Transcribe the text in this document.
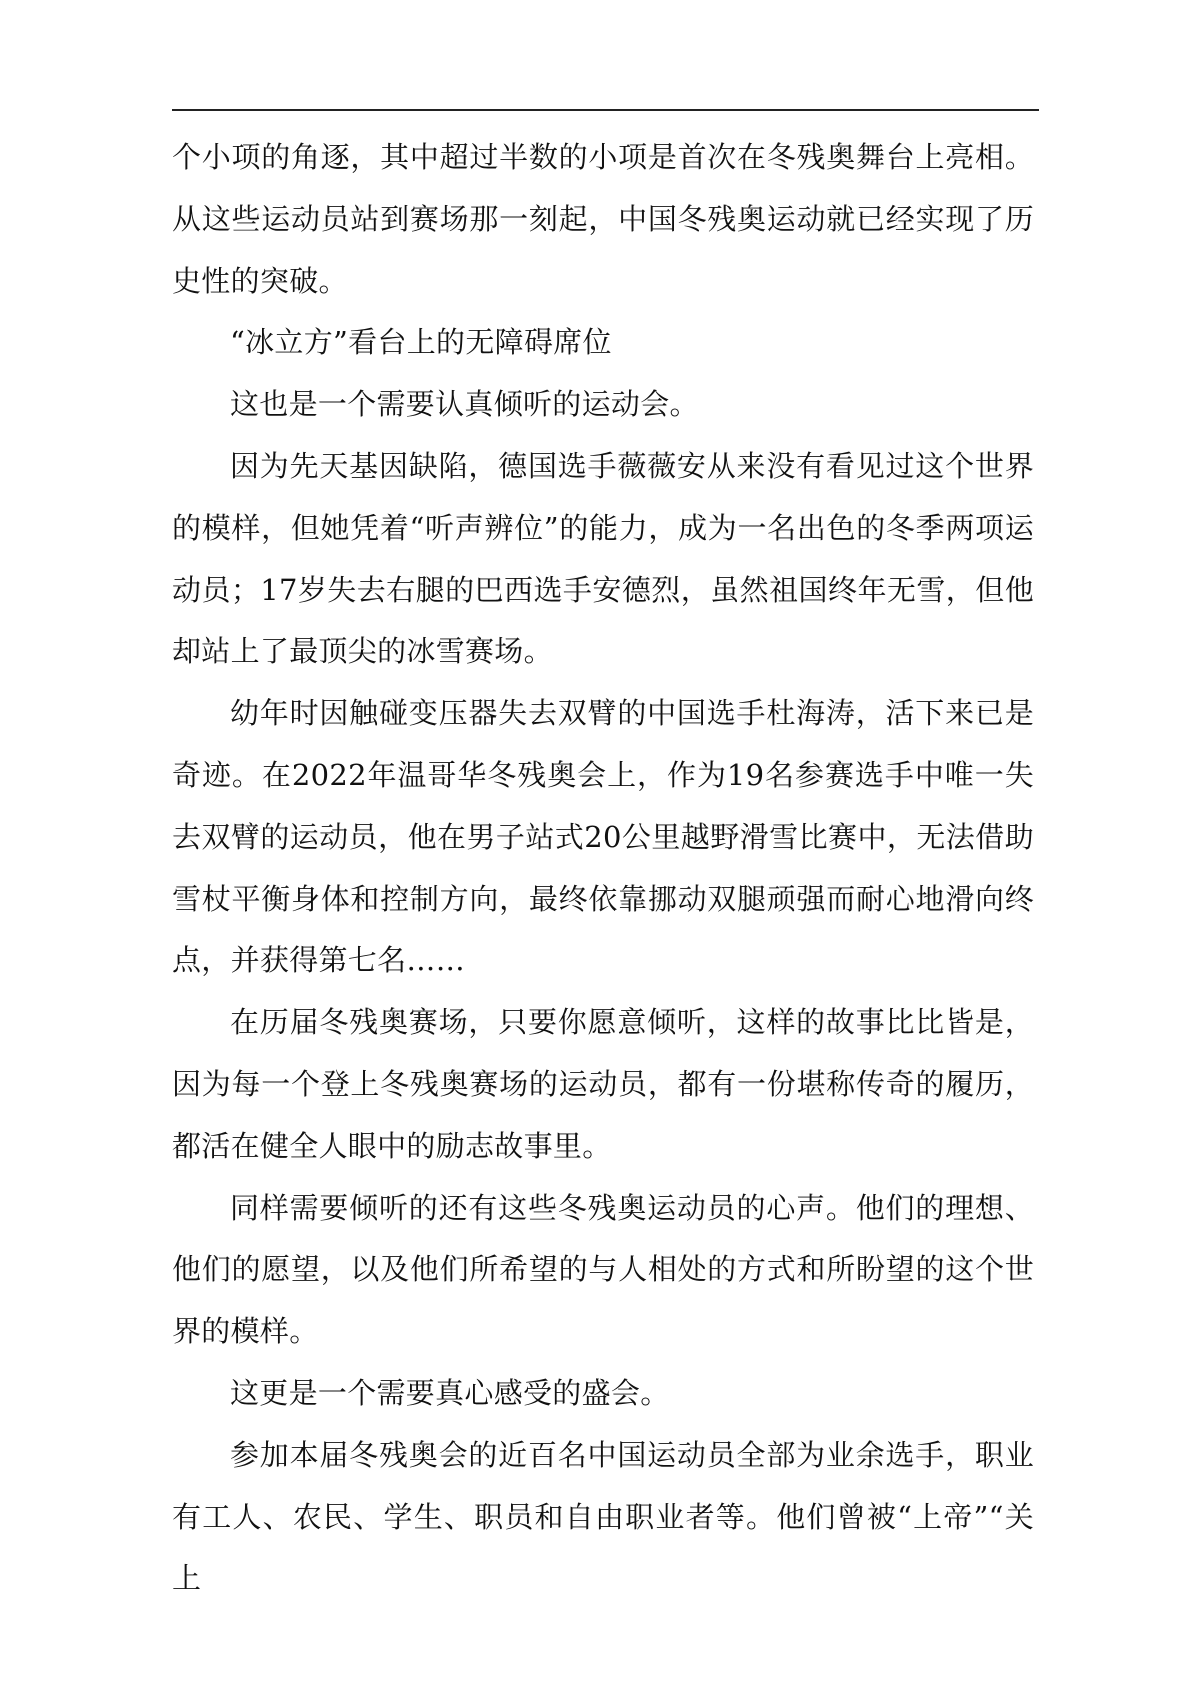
个小项的角逐，其中超过半数的小项是首次在冬残奥舞台上亮相。从这些运动员站到赛场那一刻起，中国冬残奥运动就已经实现了历史性的突破。

“冰立方”看台上的无障碍席位

这也是一个需要认真倾听的运动会。

因为先天基因缺陷，德国选手薇薇安从来没有看见过这个世界的模样，但她凭着“听声辨位”的能力，成为一名出色的冬季两项运动员；17岁失去右腿的巴西选手安德烈，虽然祖国终年无雪，但他却站上了最顶尖的冰雪赛场。

幼年时因触碰变压器失去双臂的中国选手杜海涛，活下来已是奇迹。在2022年温哥华冬残奥会上，作为19名参赛选手中唯一失去双臂的运动员，他在男子站式20公里越野滑雪比赛中，无法借助雪杖平衡身体和控制方向，最终依靠挪动双腿顽强而耐心地滑向终点，并获得第七名……

在历届冬残奥赛场，只要你愿意倾听，这样的故事比比皆是，因为每一个登上冬残奥赛场的运动员，都有一份堪称传奇的履历，都活在健全人眼中的励志故事里。

同样需要倾听的还有这些冬残奥运动员的心声。他们的理想、他们的愿望，以及他们所希望的与人相处的方式和所盼望的这个世界的模样。

这更是一个需要真心感受的盛会。

参加本届冬残奥会的近百名中国运动员全部为业余选手，职业有工人、农民、学生、职员和自由职业者等。他们曾被“上帝”“关上
